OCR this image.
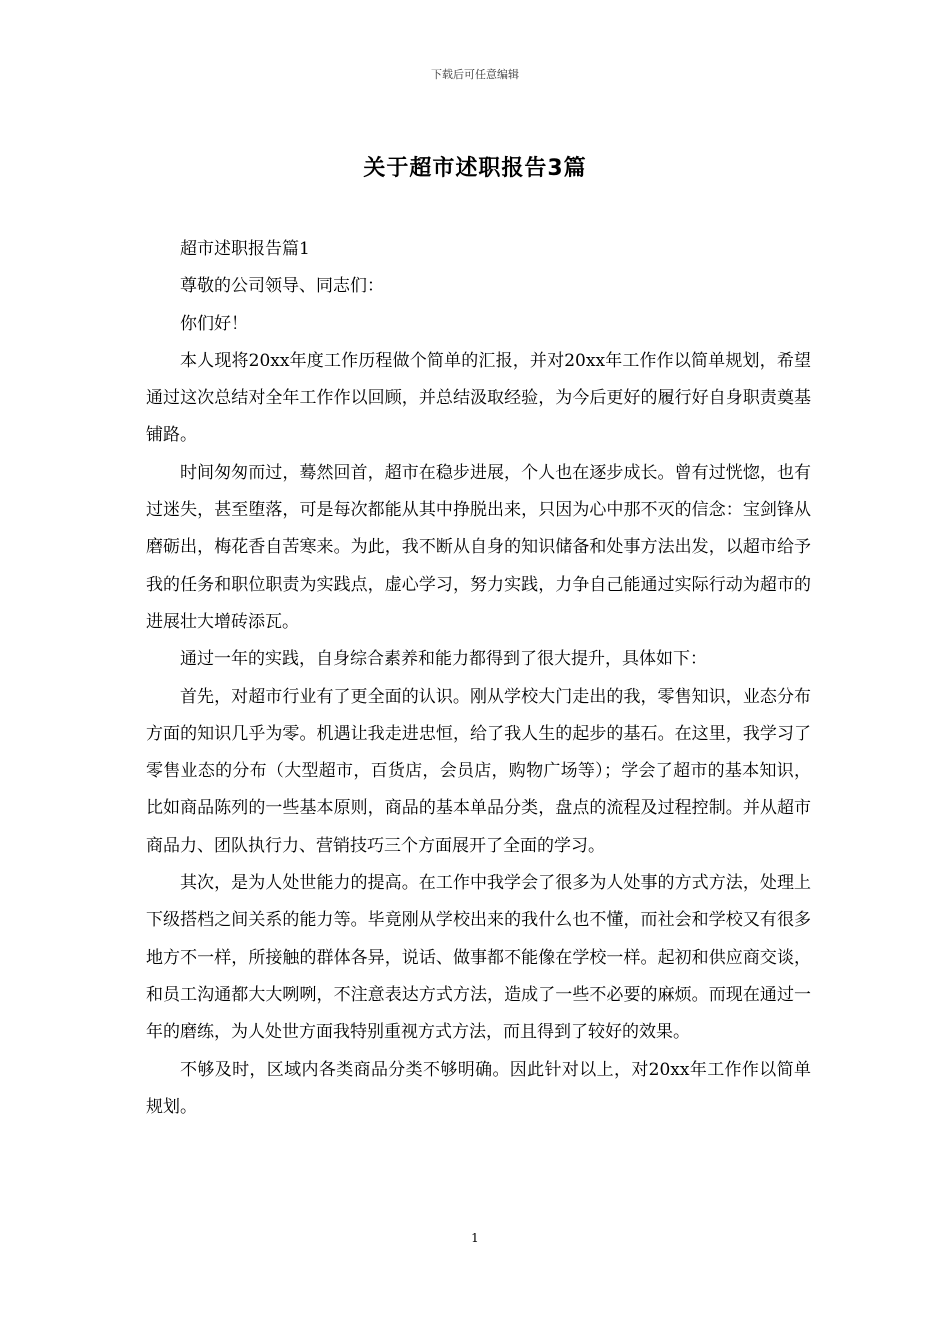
下载后可任意编辑
关于超市述职报告3篇

超市述职报告篇1

尊敬的公司领导、同志们：

你们好！

本人现将20xx年度工作历程做个简单的汇报，并对20xx年工作作以简单规划，希望通过这次总结对全年工作作以回顾，并总结汲取经验，为今后更好的履行好自身职责奠基铺路。

时间匆匆而过，蓦然回首，超市在稳步进展，个人也在逐步成长。曾有过恍惚，也有过迷失，甚至堕落，可是每次都能从其中挣脱出来，只因为心中那不灭的信念：宝剑锋从磨砺出，梅花香自苦寒来。为此，我不断从自身的知识储备和处事方法出发，以超市给予我的任务和职位职责为实践点，虚心学习，努力实践，力争自己能通过实际行动为超市的进展壮大增砖添瓦。

通过一年的实践，自身综合素养和能力都得到了很大提升，具体如下：

首先，对超市行业有了更全面的认识。刚从学校大门走出的我，零售知识，业态分布方面的知识几乎为零。机遇让我走进忠恒，给了我人生的起步的基石。在这里，我学习了零售业态的分布（大型超市，百货店，会员店，购物广场等）；学会了超市的基本知识，比如商品陈列的一些基本原则，商品的基本单品分类，盘点的流程及过程控制。并从超市商品力、团队执行力、营销技巧三个方面展开了全面的学习。

其次，是为人处世能力的提高。在工作中我学会了很多为人处事的方式方法，处理上下级搭档之间关系的能力等。毕竟刚从学校出来的我什么也不懂，而社会和学校又有很多地方不一样，所接触的群体各异，说话、做事都不能像在学校一样。起初和供应商交谈，和员工沟通都大大咧咧，不注意表达方式方法，造成了一些不必要的麻烦。而现在通过一年的磨练，为人处世方面我特别重视方式方法，而且得到了较好的效果。

不够及时，区域内各类商品分类不够明确。因此针对以上，对20xx年工作作以简单规划。

1
